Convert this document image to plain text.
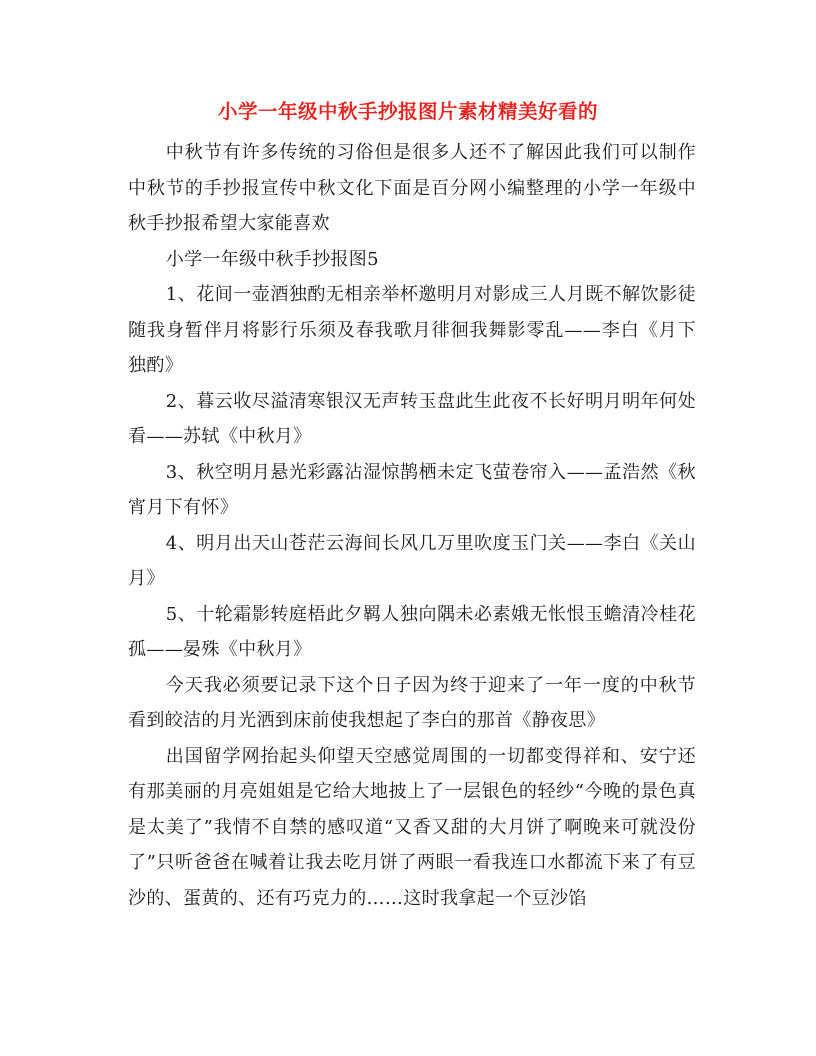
小学一年级中秋手抄报图片素材精美好看的

中秋节有许多传统的习俗但是很多人还不了解因此我们可以制作中秋节的手抄报宣传中秋文化下面是百分网小编整理的小学一年级中秋手抄报希望大家能喜欢

小学一年级中秋手抄报图5

1、花间一壶酒独酌无相亲举杯邀明月对影成三人月既不解饮影徒随我身暂伴月将影行乐须及春我歌月徘徊我舞影零乱——李白《月下独酌》

2、暮云收尽溢清寒银汉无声转玉盘此生此夜不长好明月明年何处看——苏轼《中秋月》

3、秋空明月悬光彩露沾湿惊鹊栖未定飞萤卷帘入——孟浩然《秋宵月下有怀》

4、明月出天山苍茫云海间长风几万里吹度玉门关——李白《关山月》

5、十轮霜影转庭梧此夕羁人独向隅未必素娥无怅恨玉蟾清冷桂花孤——晏殊《中秋月》

今天我必须要记录下这个日子因为终于迎来了一年一度的中秋节看到皎洁的月光洒到床前使我想起了李白的那首《静夜思》

出国留学网抬起头仰望天空感觉周围的一切都变得祥和、安宁还有那美丽的月亮姐姐是它给大地披上了一层银色的轻纱“今晚的景色真是太美了”我情不自禁的感叹道“又香又甜的大月饼了啊晚来可就没份了”只听爸爸在喊着让我去吃月饼了两眼一看我连口水都流下来了有豆沙的、蛋黄的、还有巧克力的……这时我拿起一个豆沙馅
